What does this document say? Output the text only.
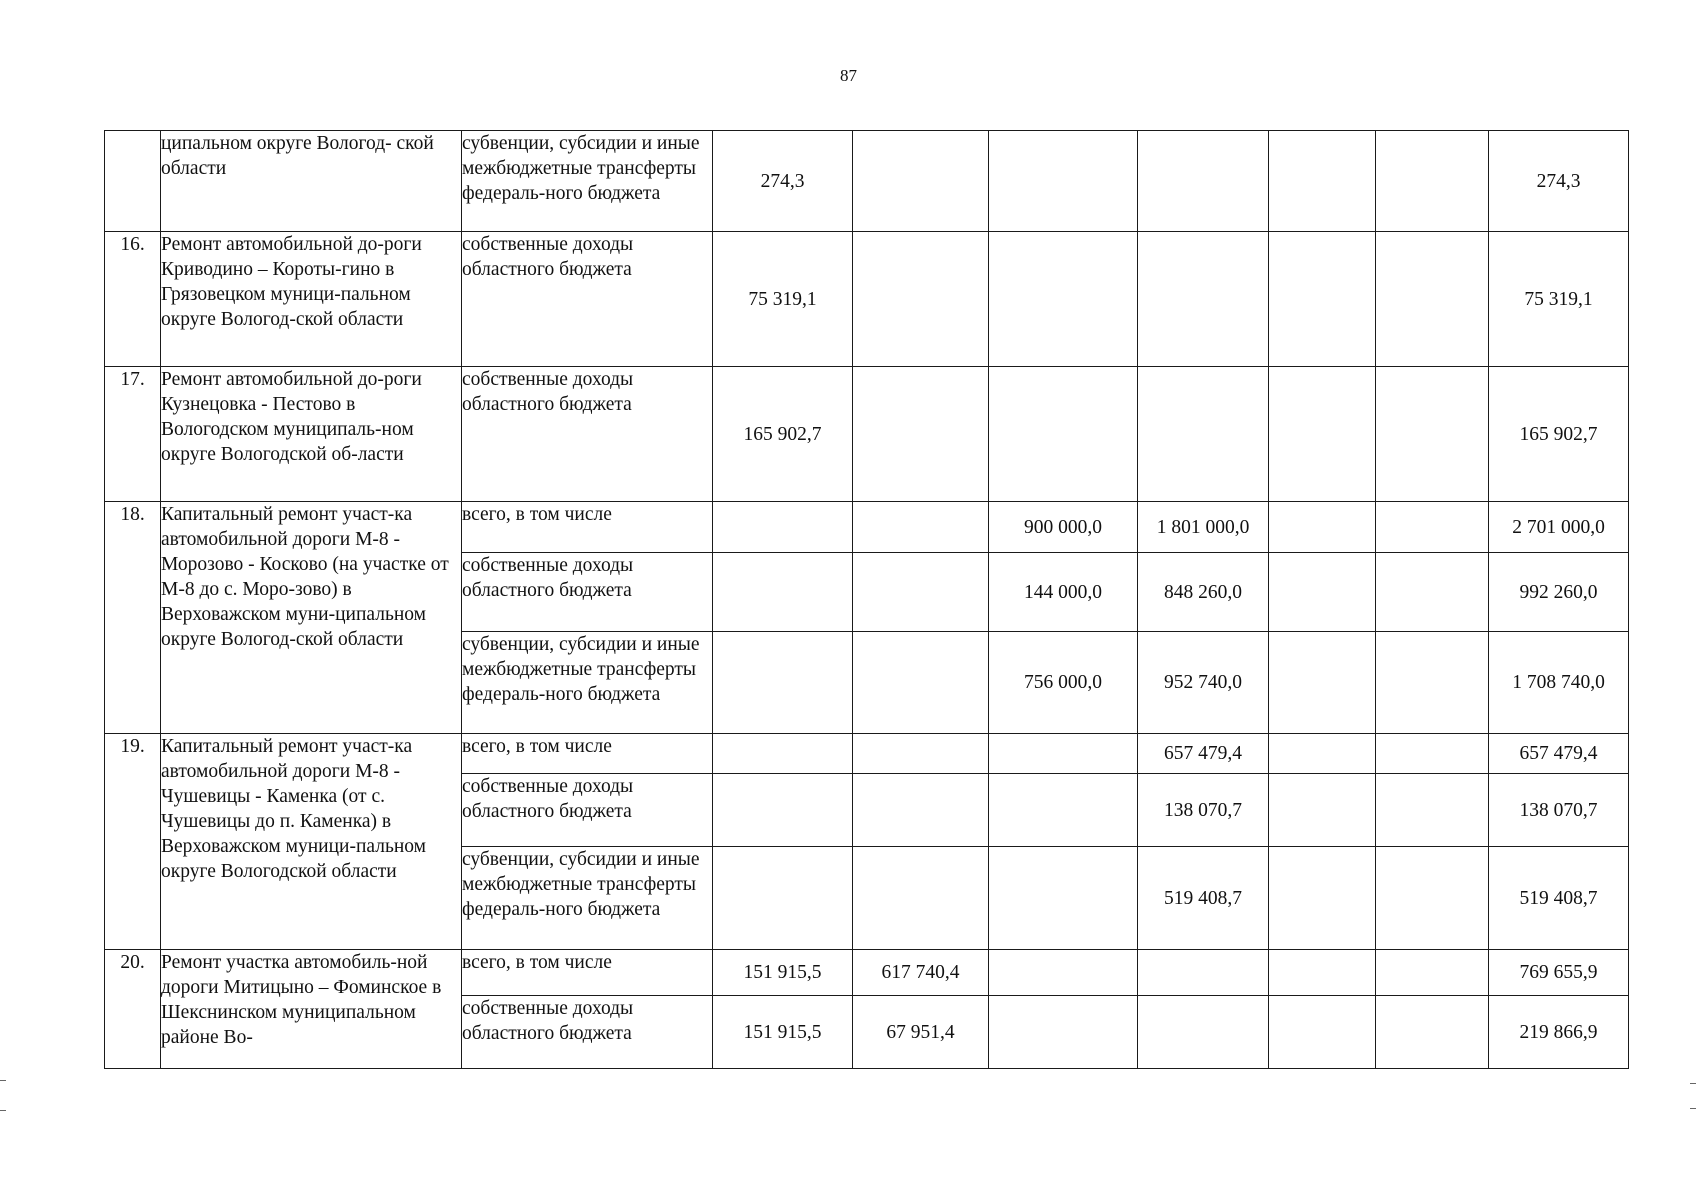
87
	ципальном округе Вологод- ской области	субвенции, субсидии и иные межбюджетные трансферты федераль-ного бюджета	274,3						274,3
16.	Ремонт автомобильной до-роги Криводино – Короты-гино в Грязовецком муници-пальном округе Вологод-ской области	собственные доходы областного бюджета	75 319,1						75 319,1
17.	Ремонт автомобильной до-роги Кузнецовка - Пестово в Вологодском муниципаль-ном округе Вологодской об-ласти	собственные доходы областного бюджета	165 902,7						165 902,7
18.	Капитальный ремонт участ-ка автомобильной дороги М-8 - Морозово - Косково (на участке от М-8 до с. Моро-зово) в Верховажском муни-ципальном округе Вологод-ской области	всего, в том числе			900 000,0	1 801 000,0			2 701 000,0
		собственные доходы областного бюджета			144 000,0	848 260,0			992 260,0
		субвенции, субсидии и иные межбюджетные трансферты федераль-ного бюджета			756 000,0	952 740,0			1 708 740,0
19.	Капитальный ремонт участ-ка автомобильной дороги М-8 - Чушевицы - Каменка (от с. Чушевицы до п. Каменка) в Верховажском муници-пальном округе Вологодской области	всего, в том числе				657 479,4			657 479,4
		собственные доходы областного бюджета				138 070,7			138 070,7
		субвенции, субсидии и иные межбюджетные трансферты федераль-ного бюджета				519 408,7			519 408,7
20.	Ремонт участка автомобиль-ной дороги Митицыно – Фоминское в Шекснинском муниципальном районе Во-	всего, в том числе	151 915,5	617 740,4					769 655,9
		собственные доходы областного бюджета	151 915,5	67 951,4					219 866,9
